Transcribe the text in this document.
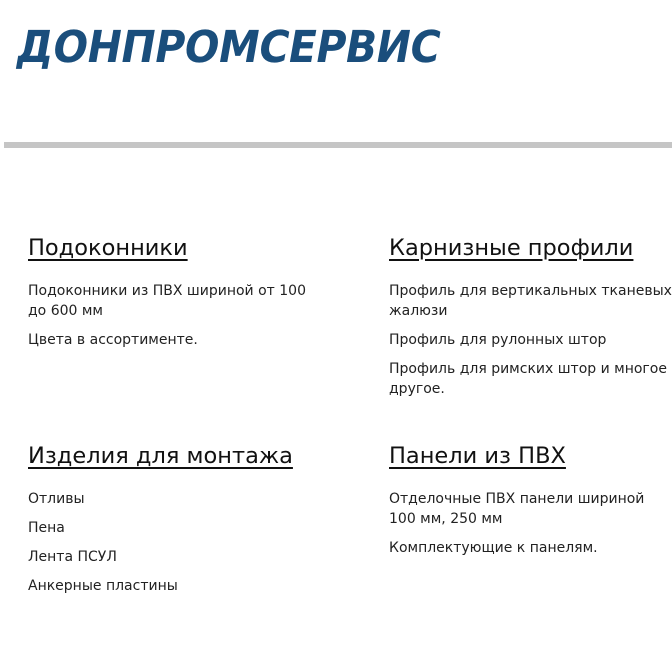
ДОНПРОМСЕРВИС
Подоконники
Подоконники из ПВХ шириной от 100 до 600 мм
Цвета в ассортименте.
Карнизные профили
Профиль для вертикальных тканевых жалюзи
Профиль для рулонных штор
Профиль для римских штор и многое другое.
Изделия для монтажа
Отливы
Пена
Лента ПСУЛ
Анкерные пластины
Панели из ПВХ
Отделочные ПВХ панели шириной 100 мм, 250 мм
Комплектующие к панелям.
